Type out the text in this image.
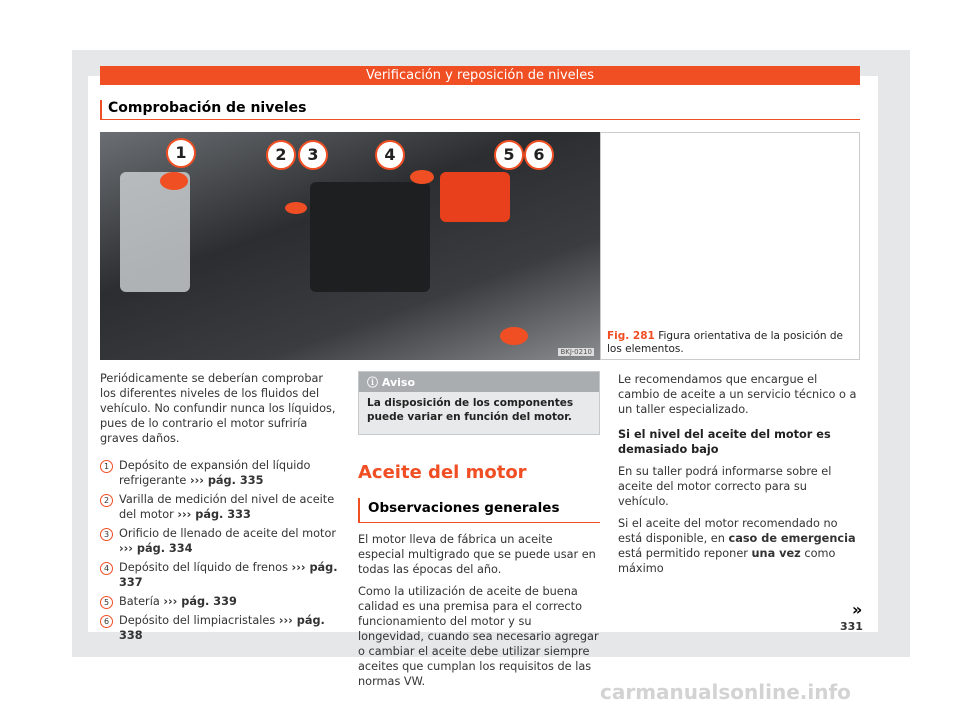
Verificación y reposición de niveles
Comprobación de niveles
1	2	3	4	5	6
BKJ-0210

Fig. 281 Figura orientativa de la posición de los elementos.

Periódicamente se deberían comprobar los diferentes niveles de los fluidos del vehículo. No confundir nunca los líquidos, pues de lo contrario el motor sufriría graves daños.

1 Depósito de expansión del líquido refrigerante ››› pág. 335
2 Varilla de medición del nivel de aceite del motor ››› pág. 333
3 Orificio de llenado de aceite del motor ››› pág. 334
4 Depósito del líquido de frenos ››› pág. 337
5 Batería ››› pág. 339
6 Depósito del limpiacristales ››› pág. 338
ⓘ Aviso
La disposición de los componentes puede variar en función del motor.
Aceite del motor
Observaciones generales

El motor lleva de fábrica un aceite especial multigrado que se puede usar en todas las épocas del año.

Como la utilización de aceite de buena calidad es una premisa para el correcto funcionamiento del motor y su longevidad, cuando sea necesario agregar o cambiar el aceite debe utilizar siempre aceites que cumplan los requisitos de las normas VW.

Le recomendamos que encargue el cambio de aceite a un servicio técnico o a un taller especializado.

Si el nivel del aceite del motor es demasiado bajo

En su taller podrá informarse sobre el aceite del motor correcto para su vehículo.

Si el aceite del motor recomendado no está disponible, en caso de emergencia está permitido reponer una vez como máximo

»
331
carmanualsonline.info
